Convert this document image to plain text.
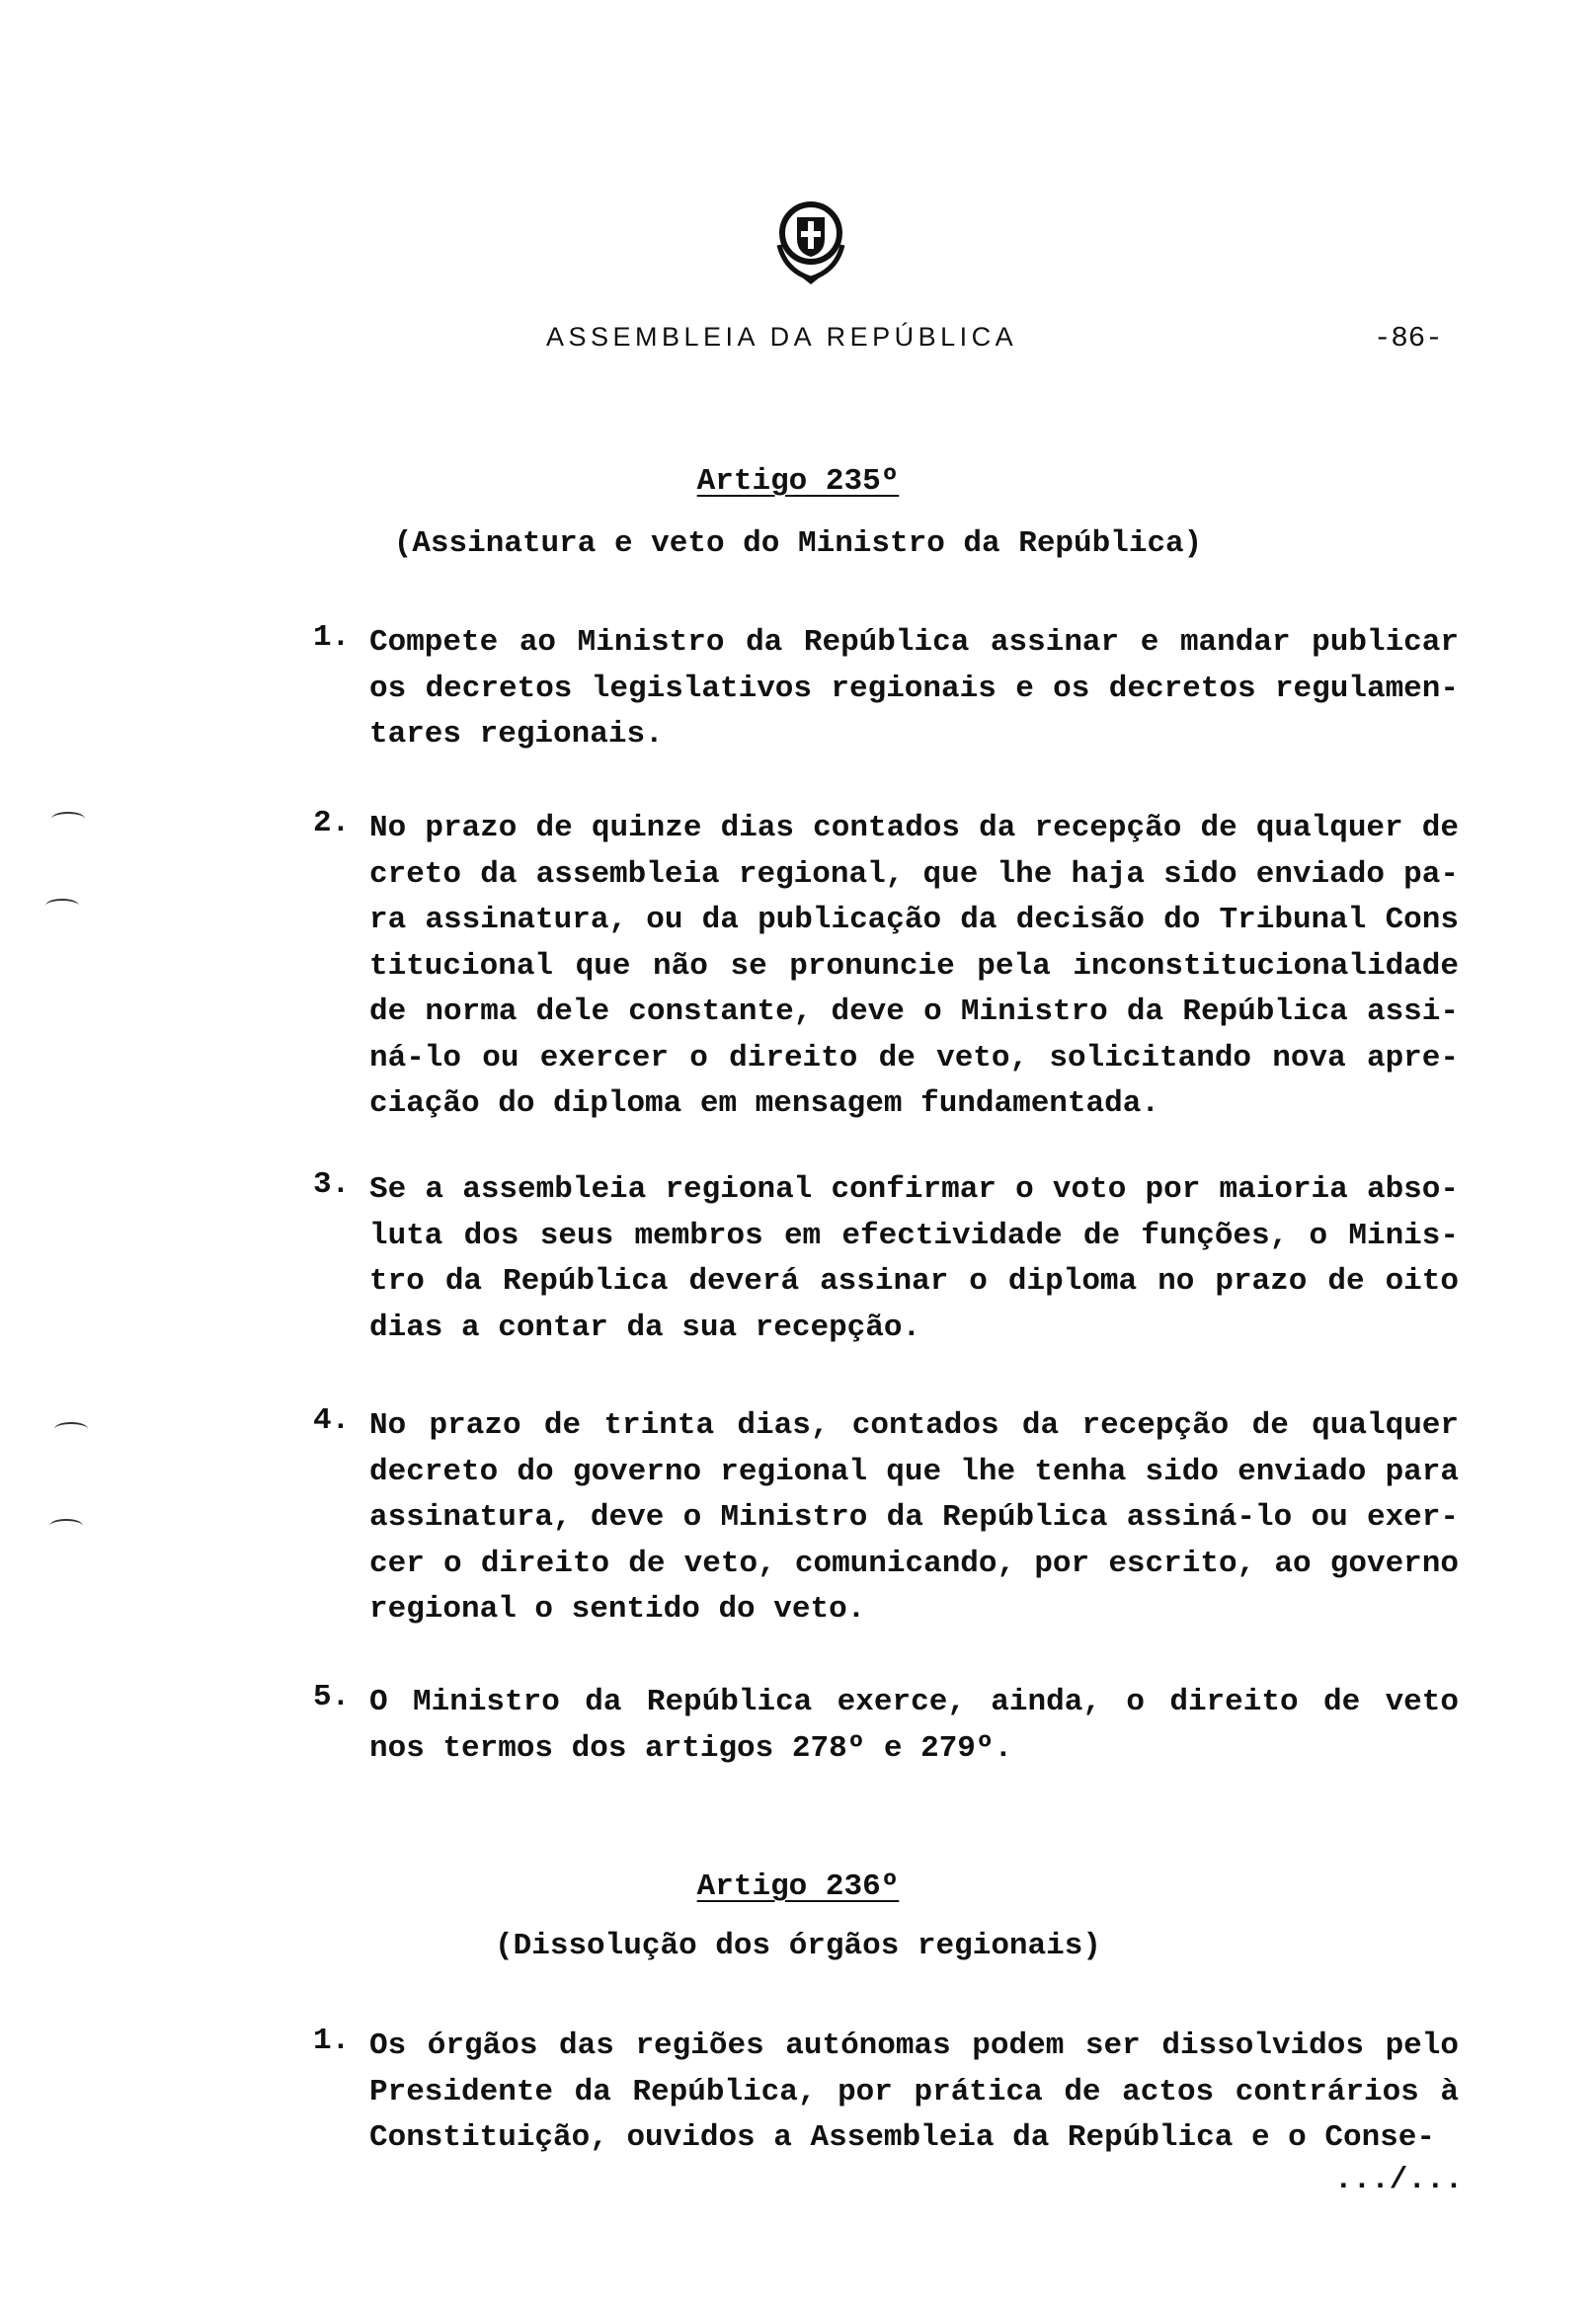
ASSEMBLEIA DA REPÚBLICA	-86-
Artigo 235º
(Assinatura e veto do Ministro da República)
1. Compete ao Ministro da República assinar e mandar publicar
os decretos legislativos regionais e os decretos regulamen-
tares regionais.
2. No prazo de quinze dias contados da recepção de qualquer de
creto da assembleia regional, que lhe haja sido enviado pa-
ra assinatura, ou da publicação da decisão do Tribunal Cons
titucional que não se pronuncie pela inconstitucionalidade
de norma dele constante, deve o Ministro da República assi-
ná-lo ou exercer o direito de veto, solicitando nova apre-
ciação do diploma em mensagem fundamentada.
3. Se a assembleia regional confirmar o voto por maioria abso-
luta dos seus membros em efectividade de funções, o Minis-
tro da República deverá assinar o diploma no prazo de oito
dias a contar da sua recepção.
4. No prazo de trinta dias, contados da recepção de qualquer
decreto do governo regional que lhe tenha sido enviado para
assinatura, deve o Ministro da República assiná-lo ou exer-
cer o direito de veto, comunicando, por escrito, ao governo
regional o sentido do veto.
5. O Ministro da República exerce, ainda, o direito de veto
nos termos dos artigos 278º e 279º.
Artigo 236º
(Dissolução dos órgãos regionais)
1. Os órgãos das regiões autónomas podem ser dissolvidos pelo
Presidente da República, por prática de actos contrários à
Constituição, ouvidos a Assembleia da República e o Conse-
.../...
